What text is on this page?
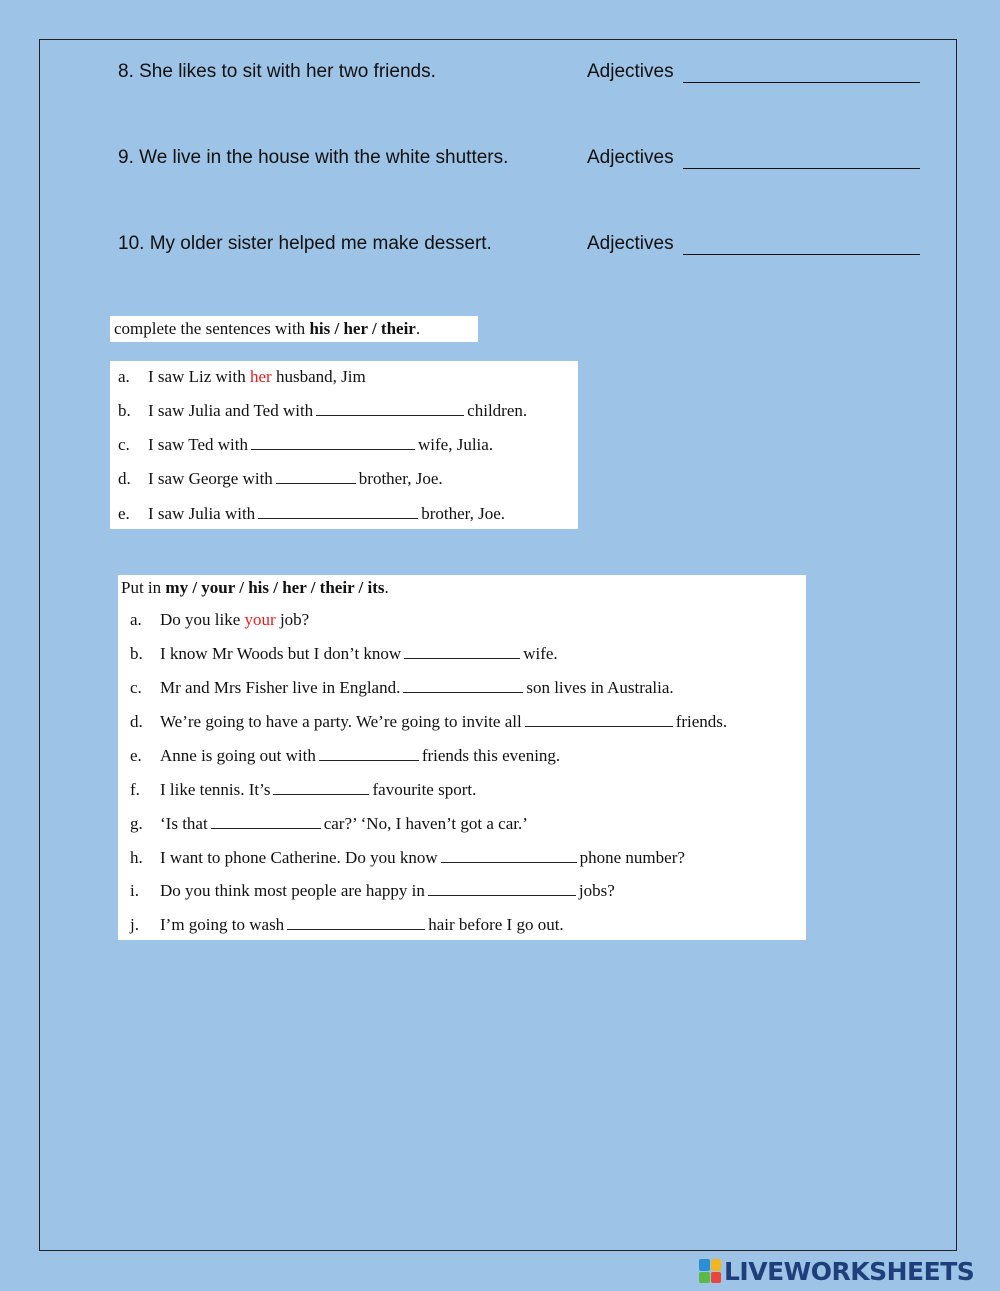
8. She likes to sit with her two friends.	Adjectives
9. We live in the house with the white shutters.	Adjectives
10. My older sister helped me make dessert.	Adjectives
complete the sentences with his / her / their.
a. I saw Liz with her husband, Jim
b. I saw Julia and Ted with	children.
c. I saw Ted with	wife, Julia.
d. I saw George with	brother, Joe.
e. I saw Julia with	brother, Joe.
Put in my / your / his / her / their / its.
a. Do you like your job?
b. I know Mr Woods but I don’t know	wife.
c. Mr and Mrs Fisher live in England.	son lives in Australia.
d. We’re going to have a party. We’re going to invite all	friends.
e. Anne is going out with	friends this evening.
f. I like tennis. It’s	favourite sport.
g. ‘Is that	car?’ ‘No, I haven’t got a car.’
h. I want to phone Catherine. Do you know	phone number?
i. Do you think most people are happy in	jobs?
j. I’m going to wash	hair before I go out.
LIVEWORKSHEETS
